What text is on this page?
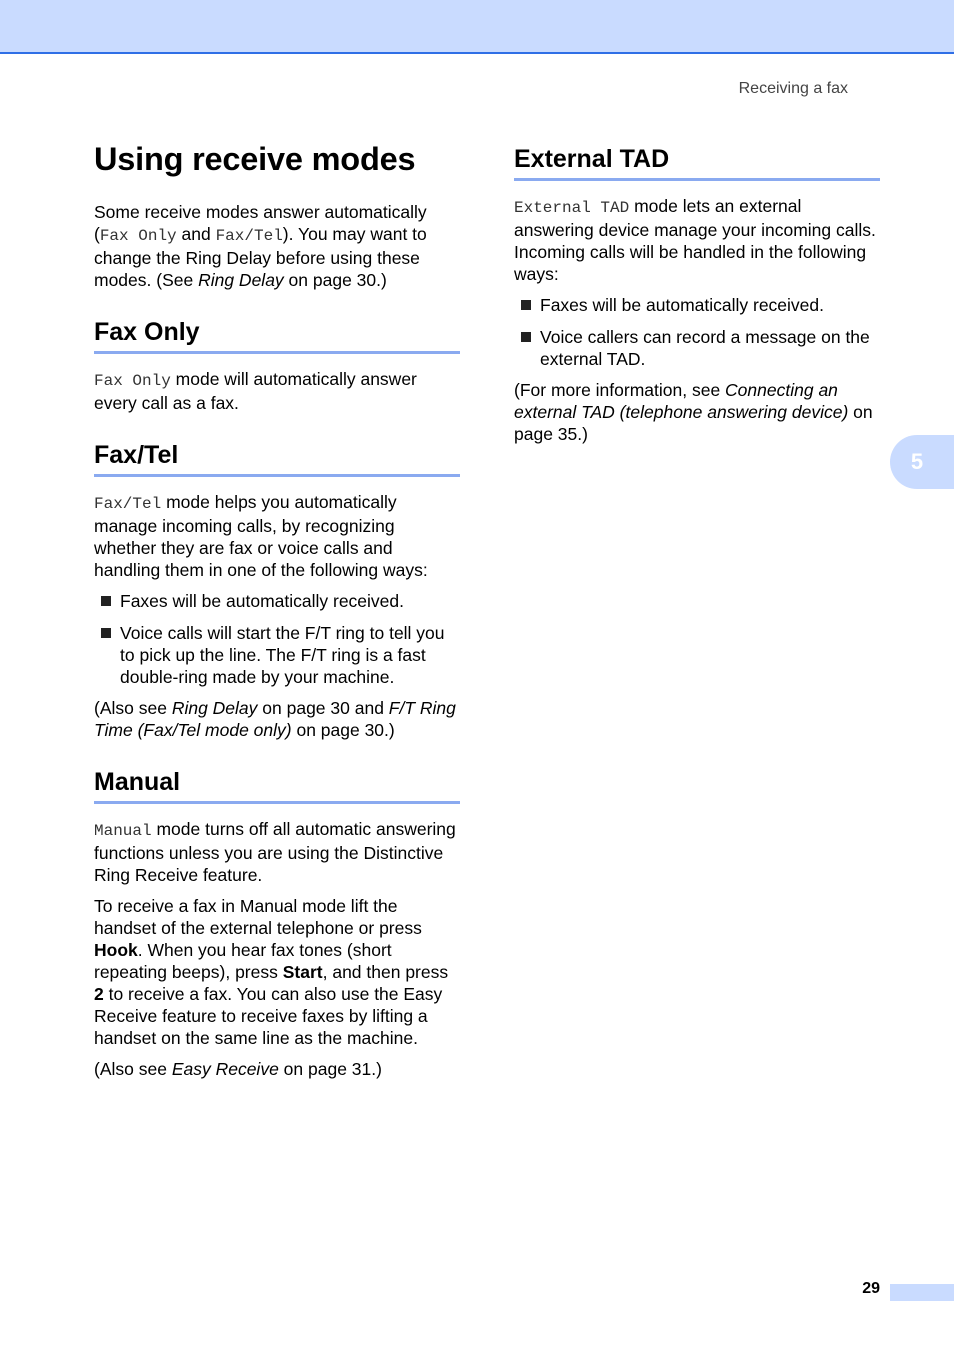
Receiving a fax
Using receive modes

Some receive modes answer automatically (Fax Only and Fax/Tel). You may want to change the Ring Delay before using these modes. (See Ring Delay on page 30.)

Fax Only

Fax Only mode will automatically answer every call as a fax.

Fax/Tel

Fax/Tel mode helps you automatically manage incoming calls, by recognizing whether they are fax or voice calls and handling them in one of the following ways:

Faxes will be automatically received.
Voice calls will start the F/T ring to tell you to pick up the line. The F/T ring is a fast double-ring made by your machine.

(Also see Ring Delay on page 30 and F/T Ring Time (Fax/Tel mode only) on page 30.)

Manual

Manual mode turns off all automatic answering functions unless you are using the Distinctive Ring Receive feature.

To receive a fax in Manual mode lift the handset of the external telephone or press Hook. When you hear fax tones (short repeating beeps), press Start, and then press 2 to receive a fax. You can also use the Easy Receive feature to receive faxes by lifting a handset on the same line as the machine.

(Also see Easy Receive on page 31.)

External TAD

External TAD mode lets an external answering device manage your incoming calls. Incoming calls will be handled in the following ways:

Faxes will be automatically received.
Voice callers can record a message on the external TAD.

(For more information, see Connecting an external TAD (telephone answering device) on page 35.)

5
29
